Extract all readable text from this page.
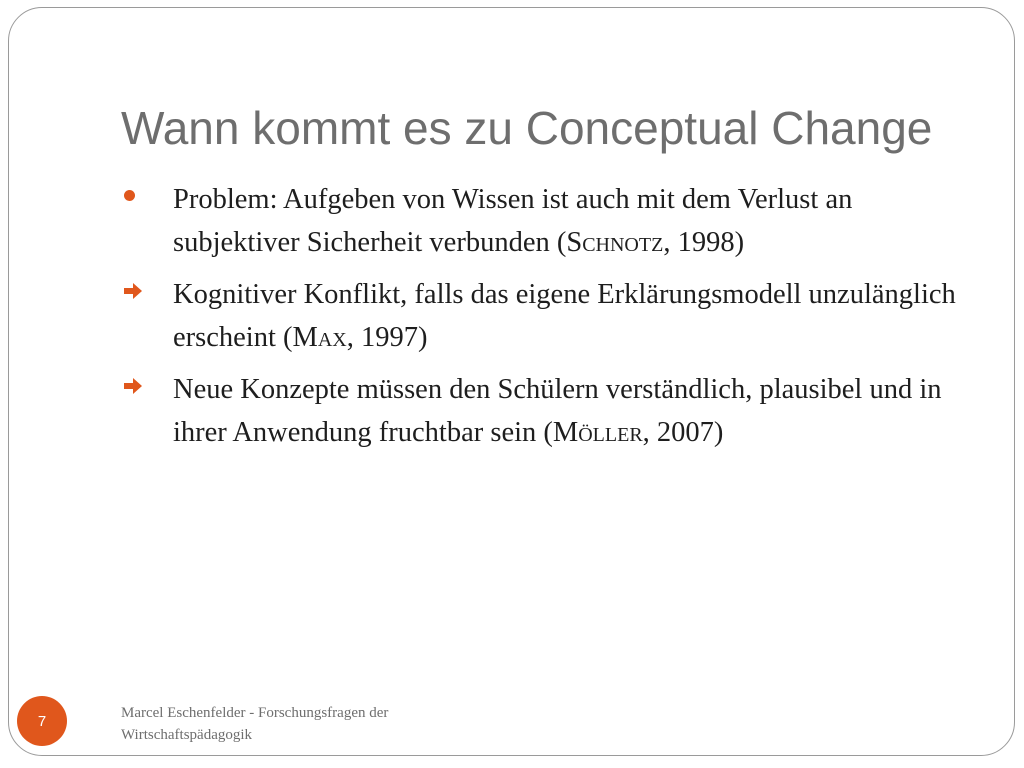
Wann kommt es zu Conceptual Change
Problem: Aufgeben von Wissen ist auch mit dem Verlust an subjektiver Sicherheit verbunden (Schnotz, 1998)
Kognitiver Konflikt, falls das eigene Erklärungsmodell unzulänglich erscheint (Max, 1997)
Neue Konzepte müssen den Schülern verständlich, plausibel und in ihrer Anwendung fruchtbar sein (Möller, 2007)
Marcel Eschenfelder - Forschungsfragen der
Wirtschaftspädagogik
7
